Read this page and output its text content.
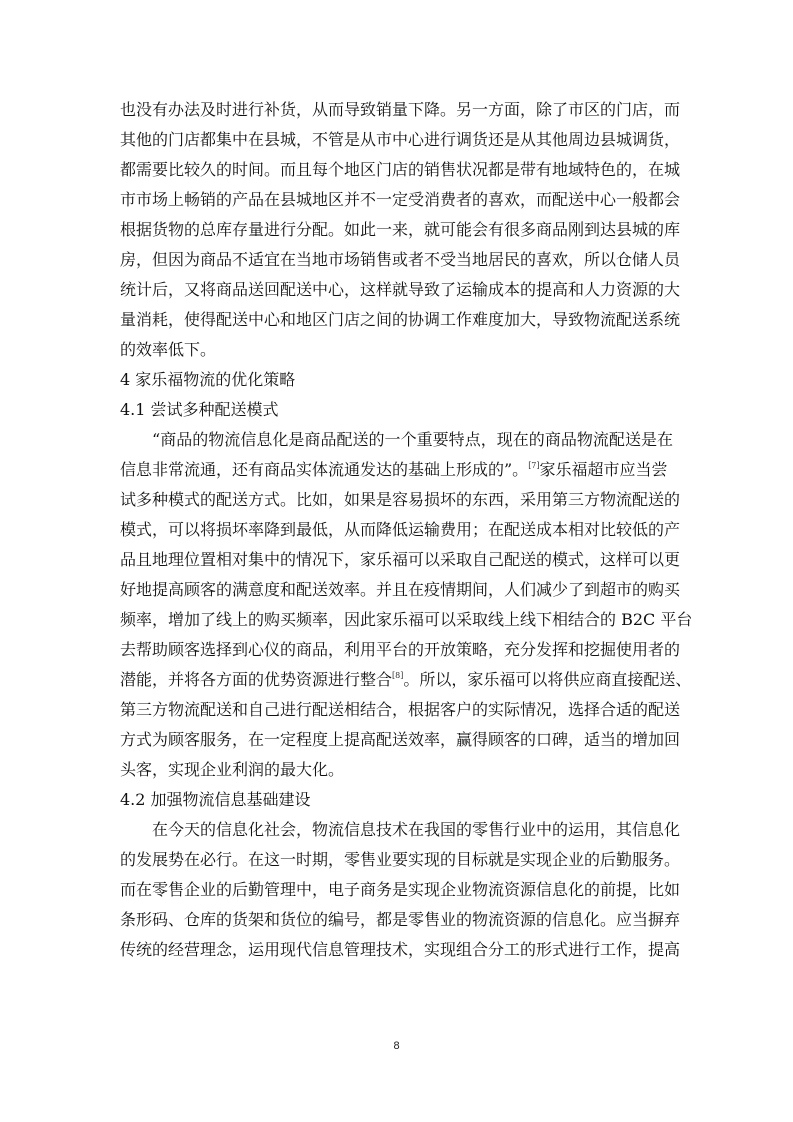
也没有办法及时进行补货，从而导致销量下降。另一方面，除了市区的门店，而
其他的门店都集中在县城，不管是从市中心进行调货还是从其他周边县城调货，
都需要比较久的时间。而且每个地区门店的销售状况都是带有地域特色的，在城
市市场上畅销的产品在县城地区并不一定受消费者的喜欢，而配送中心一般都会
根据货物的总库存量进行分配。如此一来，就可能会有很多商品刚到达县城的库
房，但因为商品不适宜在当地市场销售或者不受当地居民的喜欢，所以仓储人员
统计后，又将商品送回配送中心，这样就导致了运输成本的提高和人力资源的大
量消耗，使得配送中心和地区门店之间的协调工作难度加大，导致物流配送系统
的效率低下。
4 家乐福物流的优化策略
4.1 尝试多种配送模式
“商品的物流信息化是商品配送的一个重要特点，现在的商品物流配送是在
信息非常流通，还有商品实体流通发达的基础上形成的”。[7]家乐福超市应当尝
试多种模式的配送方式。比如，如果是容易损坏的东西，采用第三方物流配送的
模式，可以将损坏率降到最低，从而降低运输费用；在配送成本相对比较低的产
品且地理位置相对集中的情况下，家乐福可以采取自己配送的模式，这样可以更
好地提高顾客的满意度和配送效率。并且在疫情期间，人们减少了到超市的购买
频率，增加了线上的购买频率，因此家乐福可以采取线上线下相结合的 B2C 平台
去帮助顾客选择到心仪的商品，利用平台的开放策略，充分发挥和挖掘使用者的
潜能，并将各方面的优势资源进行整合[8]。所以，家乐福可以将供应商直接配送、
第三方物流配送和自己进行配送相结合，根据客户的实际情况，选择合适的配送
方式为顾客服务，在一定程度上提高配送效率，赢得顾客的口碑，适当的增加回
头客，实现企业利润的最大化。
4.2 加强物流信息基础建设
在今天的信息化社会，物流信息技术在我国的零售行业中的运用，其信息化
的发展势在必行。在这一时期，零售业要实现的目标就是实现企业的后勤服务。
而在零售企业的后勤管理中，电子商务是实现企业物流资源信息化的前提，比如
条形码、仓库的货架和货位的编号，都是零售业的物流资源的信息化。应当摒弃
传统的经营理念，运用现代信息管理技术，实现组合分工的形式进行工作，提高
8
